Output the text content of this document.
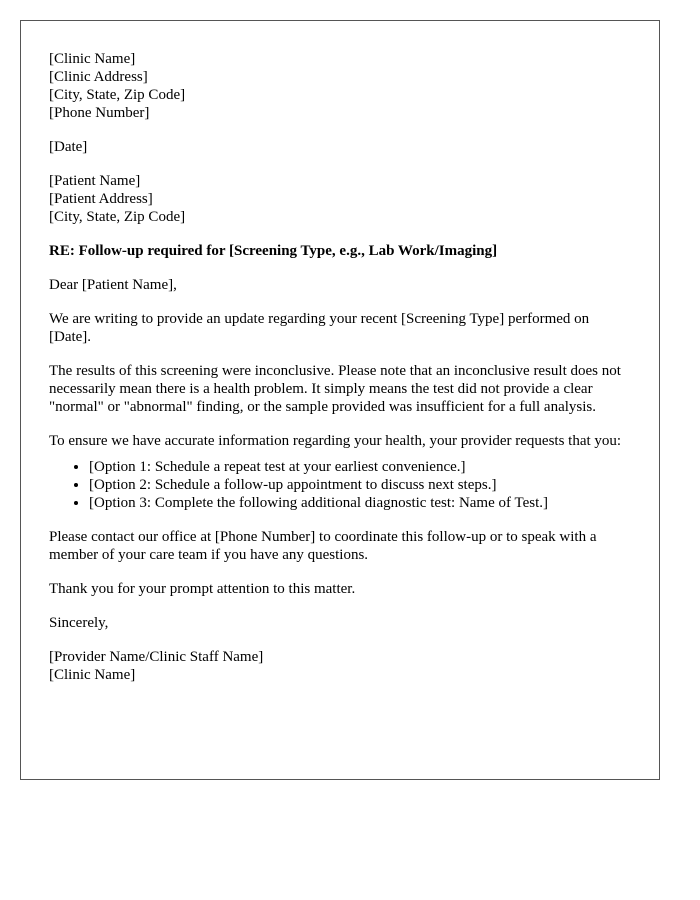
[Clinic Name]
[Clinic Address]
[City, State, Zip Code]
[Phone Number]
[Date]
[Patient Name]
[Patient Address]
[City, State, Zip Code]

RE: Follow-up required for [Screening Type, e.g., Lab Work/Imaging]

Dear [Patient Name],

We are writing to provide an update regarding your recent [Screening Type] performed on [Date].

The results of this screening were inconclusive. Please note that an inconclusive result does not necessarily mean there is a health problem. It simply means the test did not provide a clear "normal" or "abnormal" finding, or the sample provided was insufficient for a full analysis.

To ensure we have accurate information regarding your health, your provider requests that you:

• [Option 1: Schedule a repeat test at your earliest convenience.]
• [Option 2: Schedule a follow-up appointment to discuss next steps.]
• [Option 3: Complete the following additional diagnostic test: Name of Test.]

Please contact our office at [Phone Number] to coordinate this follow-up or to speak with a member of your care team if you have any questions.

Thank you for your prompt attention to this matter.

Sincerely,

[Provider Name/Clinic Staff Name]
[Clinic Name]
